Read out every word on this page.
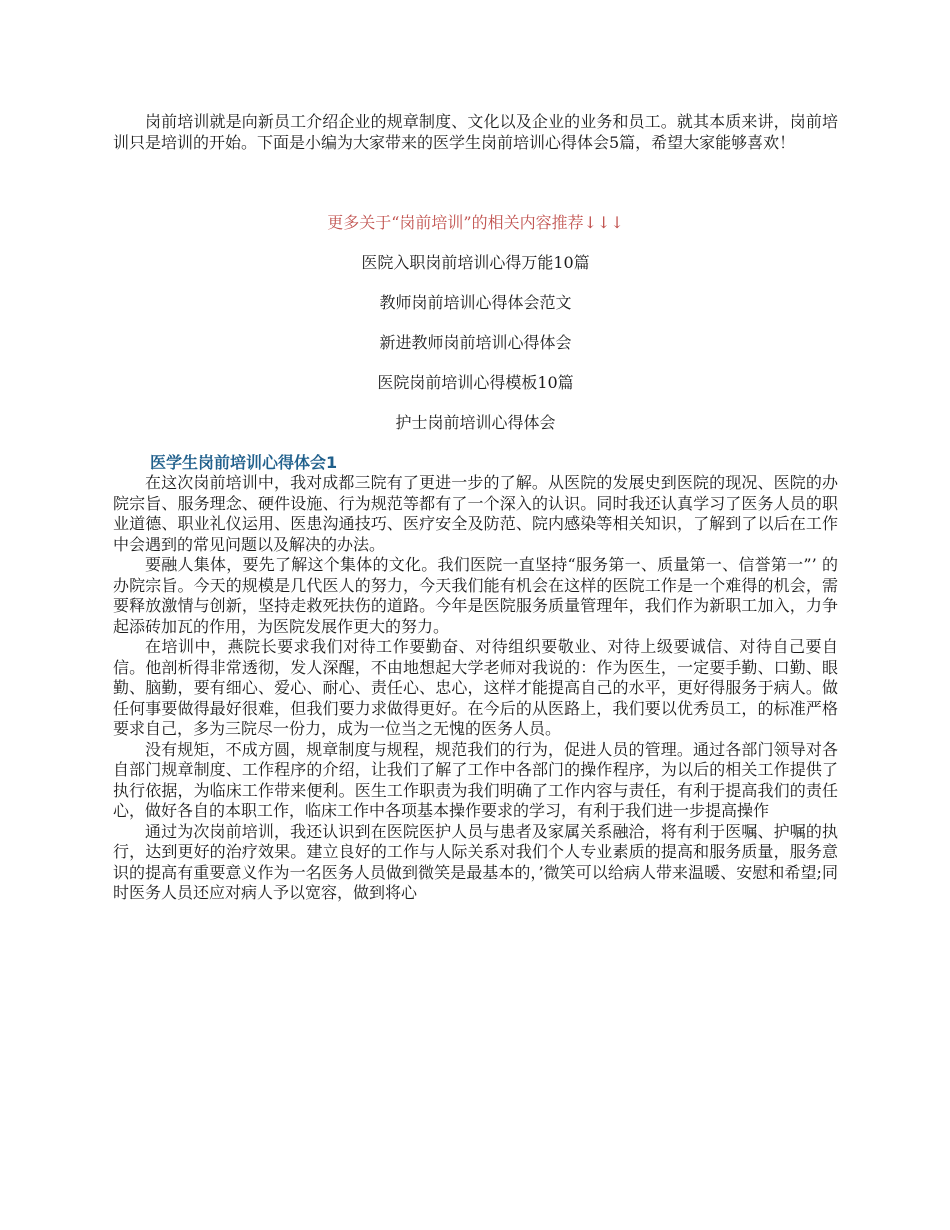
岗前培训就是向新员工介绍企业的规章制度、文化以及企业的业务和员工。就其本质来讲，岗前培训只是培训的开始。下面是小编为大家带来的医学生岗前培训心得体会5篇，希望大家能够喜欢！

更多关于“岗前培训”的相关内容推荐↓↓↓
医院入职岗前培训心得万能10篇
教师岗前培训心得体会范文
新进教师岗前培训心得体会
医院岗前培训心得模板10篇
护士岗前培训心得体会
医学生岗前培训心得体会1

在这次岗前培训中，我对成都三院有了更进一步的了解。从医院的发展史到医院的现况、医院的办院宗旨、服务理念、硬件设施、行为规范等都有了一个深入的认识。同时我还认真学习了医务人员的职业道德、职业礼仪运用、医患沟通技巧、医疗安全及防范、院内感染等相关知识，了解到了以后在工作中会遇到的常见问题以及解决的办法。

要融人集体，要先了解这个集体的文化。我们医院一直坚持“服务第一、质量第一、信誉第一”’ 的办院宗旨。今天的规模是几代医人的努力，今天我们能有机会在这样的医院工作是一个难得的机会，需要释放激情与创新，坚持走救死扶伤的道路。今年是医院服务质量管理年，我们作为新职工加入，力争起添砖加瓦的作用，为医院发展作更大的努力。

在培训中，燕院长要求我们对待工作要勤奋、对待组织要敬业、对待上级要诚信、对待自己要自信。他剖析得非常透彻，发人深醒，不由地想起大学老师对我说的：作为医生，一定要手勤、口勤、眼勤、脑勤，要有细心、爱心、耐心、责任心、忠心，这样才能提高自己的水平，更好得服务于病人。做任何事要做得最好很难，但我们要力求做得更好。在今后的从医路上，我们要以优秀员工，的标准严格要求自己，多为三院尽一份力，成为一位当之无愧的医务人员。

没有规矩，不成方圆，规章制度与规程，规范我们的行为，促进人员的管理。通过各部门领导对各自部门规章制度、工作程序的介绍，让我们了解了工作中各部门的操作程序，为以后的相关工作提供了执行依据，为临床工作带来便利。医生工作职责为我们明确了工作内容与责任，有利于提高我们的责任心，做好各自的本职工作，临床工作中各项基本操作要求的学习，有利于我们进一步提高操作

通过为次岗前培训，我还认识到在医院医护人员与患者及家属关系融洽，将有利于医嘱、护嘱的执行，达到更好的治疗效果。建立良好的工作与人际关系对我们个人专业素质的提高和服务质量，服务意识的提高有重要意义作为一名医务人员做到微笑是最基本的，’微笑可以给病人带来温暖、安慰和希望;同时医务人员还应对病人予以宽容，做到将心
